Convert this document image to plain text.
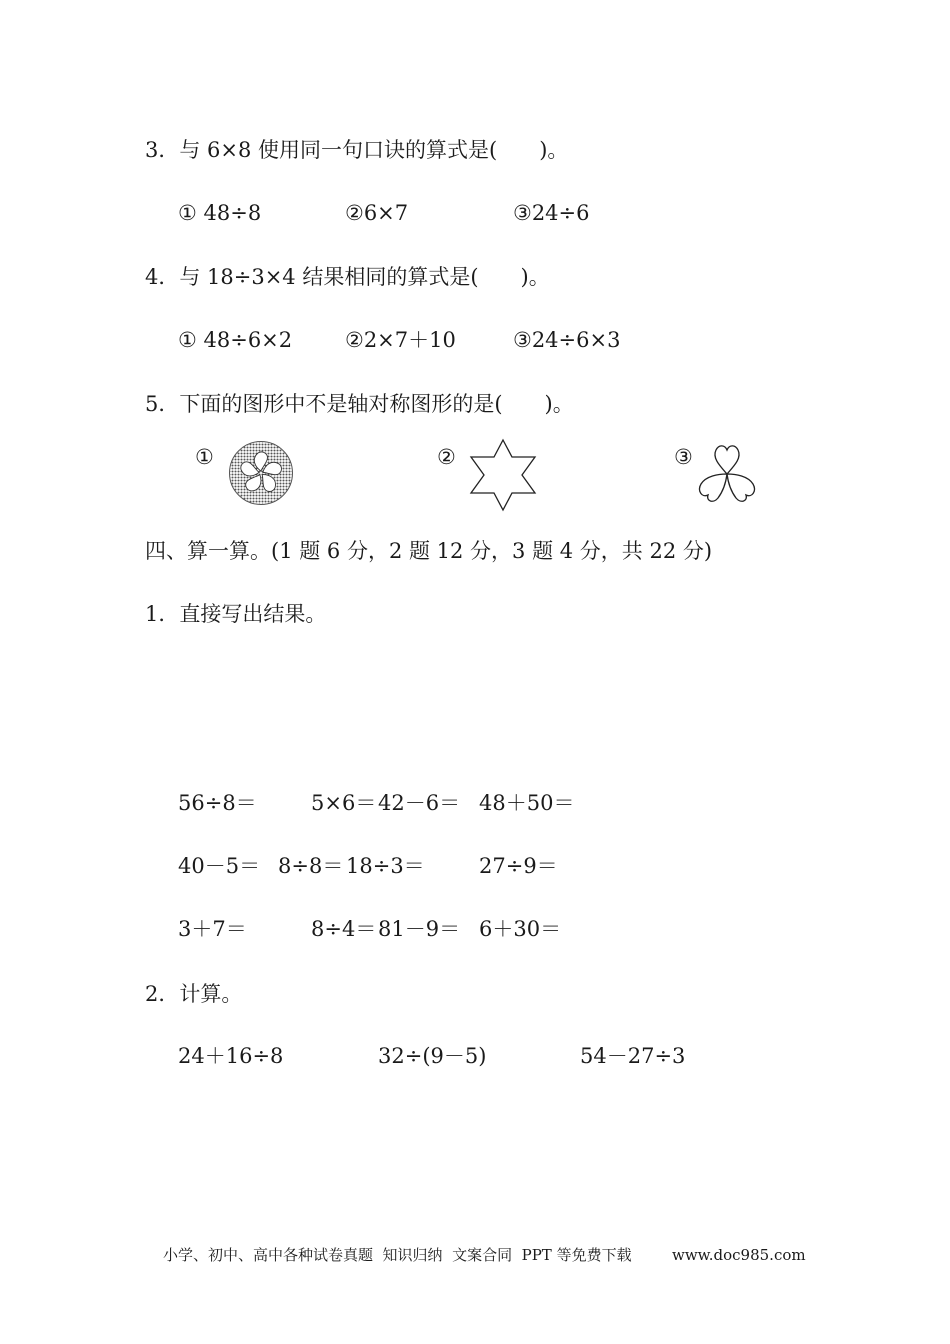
3．与 6×8 使用同一句口诀的算式是(　　)。
① 48÷8	②6×7	③24÷6
4．与 18÷3×4 结果相同的算式是(　　)。
① 48÷6×2	②2×7＋10	③24÷6×3
5．下面的图形中不是轴对称图形的是(　　)。
①	②	③
四、算一算。(1 题 6 分，2 题 12 分，3 题 4 分，共 22 分)
1．直接写出结果。
56÷8＝	5×6＝ 42－6＝ 48＋50＝
40－5＝ 8÷8＝ 18÷3＝	27÷9＝
3＋7＝	8÷4＝ 81－9＝ 6＋30＝
2．计算。
24＋16÷8	32÷(9－5)	54－27÷3
小学、初中、高中各种试卷真题  知识归纳  文案合同  PPT 等免费下载	www.doc985.com
